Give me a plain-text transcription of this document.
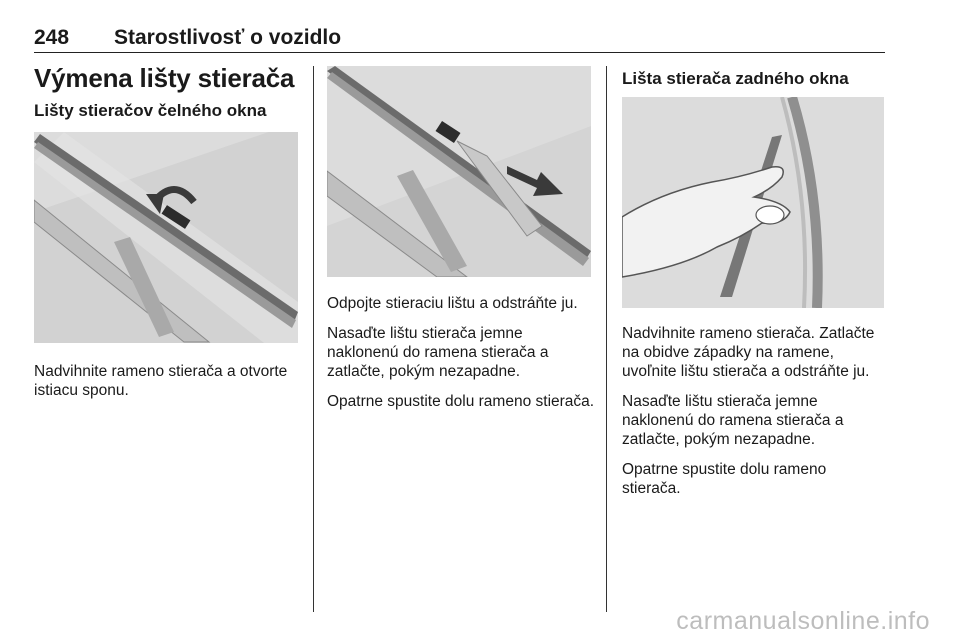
248 Starostlivosť o vozidlo

Výmena lišty stierača

Lišty stieračov čelného okna

Nadvihnite rameno stierača a otvorte istiacu sponu.

Odpojte stieraciu lištu a odstráňte ju.

Nasaďte lištu stierača jemne naklonenú do ramena stierača a zatlačte, pokým nezapadne.

Opatrne spustite dolu rameno stierača.

Lišta stierača zadného okna

Nadvihnite rameno stierača. Zatlačte na obidve západky na ramene, uvoľnite lištu stierača a odstráňte ju.

Nasaďte lištu stierača jemne naklonenú do ramena stierača a zatlačte, pokým nezapadne.

Opatrne spustite dolu rameno stierača.

carmanualsonline.info
